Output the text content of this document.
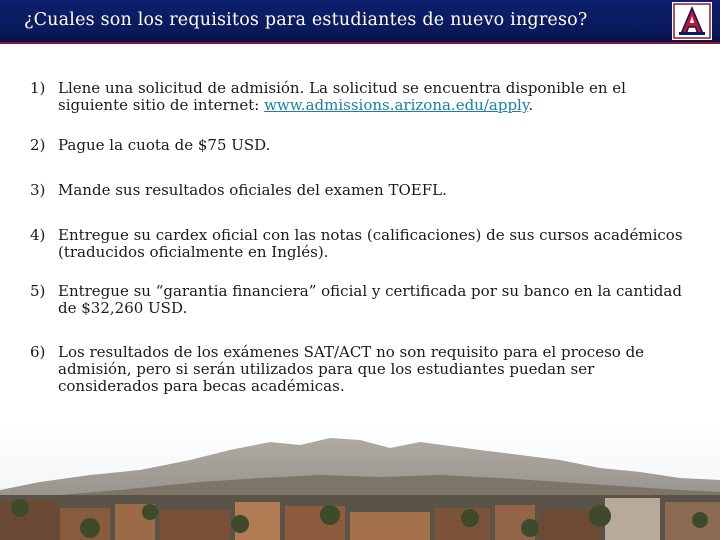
¿Cuales son los requisitos para estudiantes de nuevo ingreso?
1) Llene una solicitud de admisión. La solicitud se encuentra disponible en el siguiente sitio de internet: www.admissions.arizona.edu/apply.
2) Pague la cuota de $75 USD.
3) Mande sus resultados oficiales del examen TOEFL.
4) Entregue su cardex oficial con las notas (calificaciones) de sus cursos académicos (traducidos oficialmente en Inglés).
5) Entregue su “garantia financiera” oficial y certificada por su banco en la cantidad de $32,260 USD.
6) Los resultados de los exámenes SAT/ACT no son requisito para el proceso de admisión, pero si serán utilizados para que los estudiantes puedan ser considerados para becas académicas.
